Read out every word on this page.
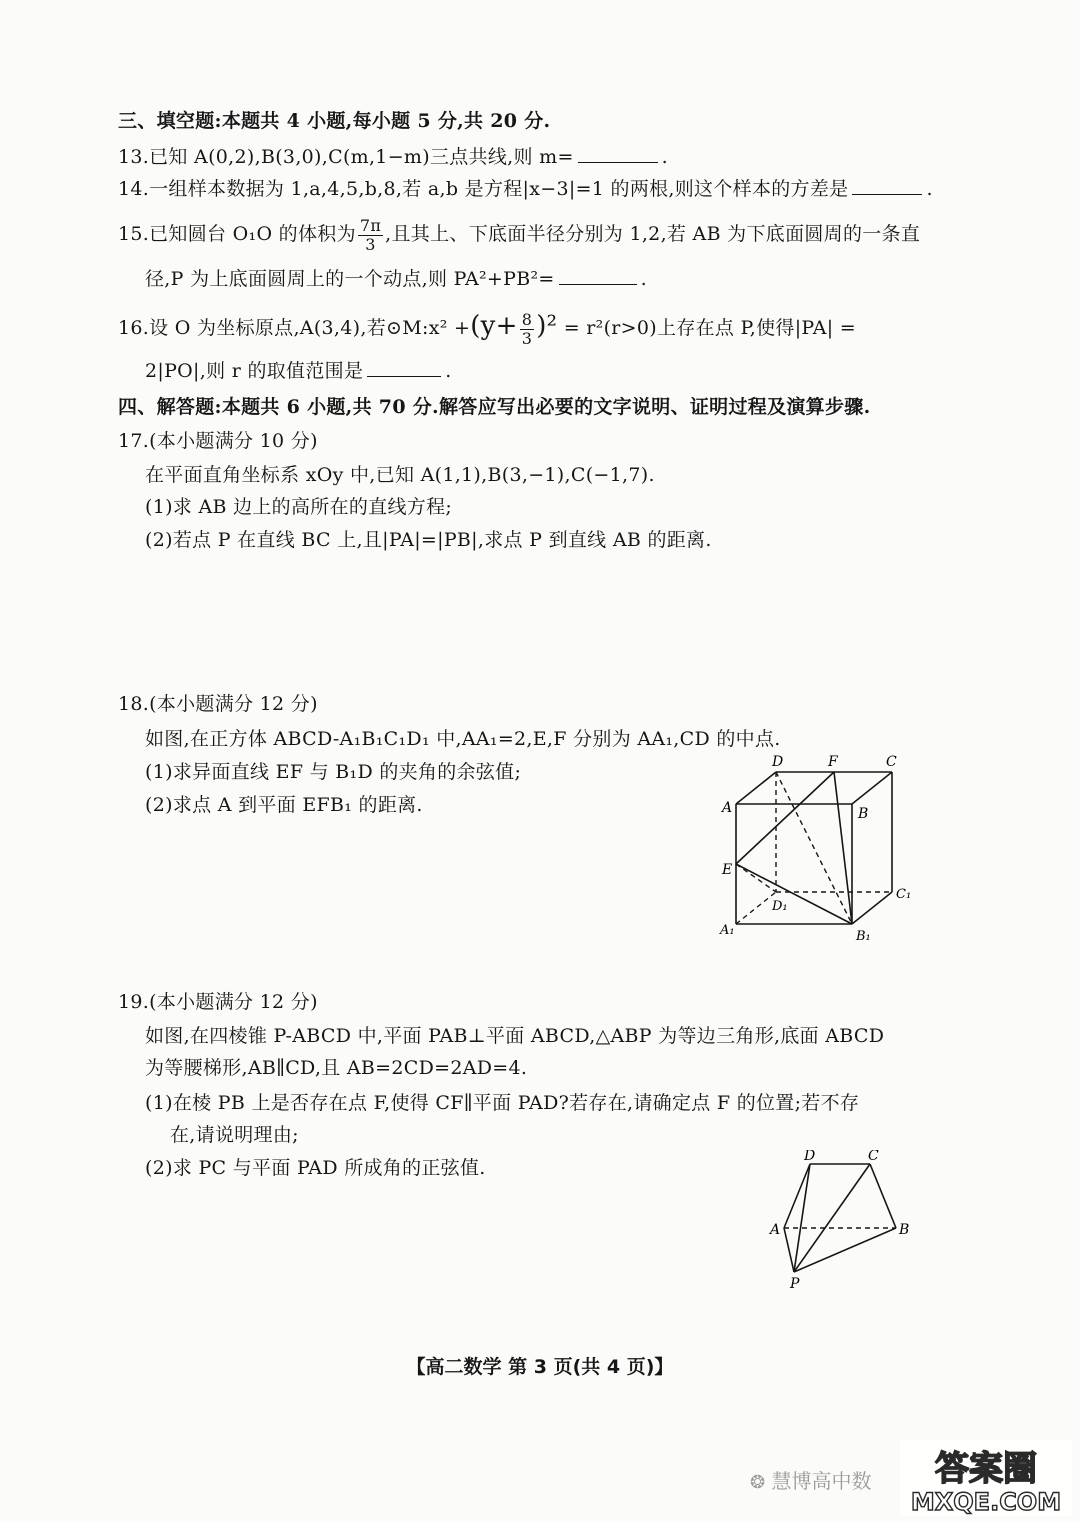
三、填空题:本题共 4 小题,每小题 5 分,共 20 分.
13.已知 A(0,2),B(3,0),C(m,1−m)三点共线,则 m=	.
14.一组样本数据为 1,a,4,5,b,8,若 a,b 是方程|x−3|=1 的两根,则这个样本的方差是	.
15.已知圆台 O₁O 的体积为 $\frac{7\pi}{3}$ ,且其上、下底面半径分别为 1,2,若 AB 为下底面圆周的一条直
径,P 为上底面圆周上的一个动点,则 PA²+PB²=	.
16.设 O 为坐标原点,A(3,4),若⊙M:x² $+(y+ \frac{8}{3} )^2 = r^2(r>0)$上存在点 P,使得|PA| =
2|PO|,则 r 的取值范围是	.
四、解答题:本题共 6 小题,共 70 分.解答应写出必要的文字说明、证明过程及演算步骤.
17.(本小题满分 10 分)
在平面直角坐标系 xOy 中,已知 A(1,1),B(3,−1),C(−1,7).
(1)求 AB 边上的高所在的直线方程;
(2)若点 P 在直线 BC 上,且|PA|=|PB|,求点 P 到直线 AB 的距离.
18.(本小题满分 12 分)
如图,在正方体 ABCD-A₁B₁C₁D₁ 中,AA₁=2,E,F 分别为 AA₁,CD 的中点.
(1)求异面直线 EF 与 B₁D 的夹角的余弦值;
(2)求点 A 到平面 EFB₁ 的距离.
D	F	C
A	B
E
D₁
C₁
A₁	B₁
19.(本小题满分 12 分)
如图,在四棱锥 P-ABCD 中,平面 PAB⊥平面 ABCD,△ABP 为等边三角形,底面 ABCD
为等腰梯形,AB∥CD,且 AB=2CD=2AD=4.
(1)在棱 PB 上是否存在点 F,使得 CF∥平面 PAD?若存在,请确定点 F 的位置;若不存
在,请说明理由;
(2)求 PC 与平面 PAD 所成角的正弦值.
D	C
A	B
P
【高二数学 第 3 页(共 4 页)】
❂ 慧博高中数 答案圈
MXQE.COM
